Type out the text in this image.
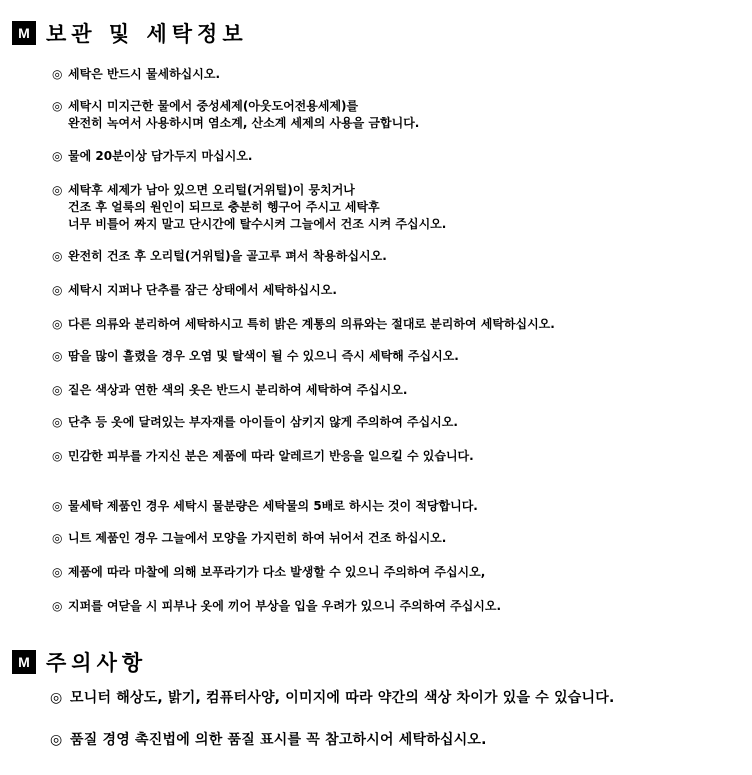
M 보관 및 세탁정보
◎ 세탁은 반드시 물세하십시오.
◎ 세탁시 미지근한 물에서 중성세제(아웃도어전용세제)를
완전히 녹여서 사용하시며 염소계, 산소계 세제의 사용을 금합니다.
◎ 물에 20분이상 담가두지 마십시오.
◎ 세탁후 세제가 남아 있으면 오리털(거위털)이 뭉치거나
건조 후 얼룩의 원인이 되므로 충분히 헹구어 주시고 세탁후
너무 비틀어 짜지 말고 단시간에 탈수시켜 그늘에서 건조 시켜 주십시오.
◎ 완전히 건조 후 오리털(거위털)을 골고루 펴서 착용하십시오.
◎ 세탁시 지퍼나 단추를 잠근 상태에서 세탁하십시오.
◎ 다른 의류와 분리하여 세탁하시고 특히 밝은 계통의 의류와는 절대로 분리하여 세탁하십시오.
◎ 땀을 많이 흘렸을 경우 오염 및 탈색이 될 수 있으니 즉시 세탁해 주십시오.
◎ 짙은 색상과 연한 색의 옷은 반드시 분리하여 세탁하여 주십시오.
◎ 단추 등 옷에 달려있는 부자재를 아이들이 삼키지 않게 주의하여 주십시오.
◎ 민감한 피부를 가지신 분은 제품에 따라 알레르기 반응을 일으킬 수 있습니다.
◎ 물세탁 제품인 경우 세탁시 물분량은 세탁물의 5배로 하시는 것이 적당합니다.
◎ 니트 제품인 경우 그늘에서 모양을 가지런히 하여 뉘어서 건조 하십시오.
◎ 제품에 따라 마찰에 의해 보푸라기가 다소 발생할 수 있으니 주의하여 주십시오,
◎ 지퍼를 여닫을 시 피부나 옷에 끼어 부상을 입을 우려가 있으니 주의하여 주십시오.
M 주의사항
◎ 모니터 해상도, 밝기, 컴퓨터사양, 이미지에 따라 약간의 색상 차이가 있을 수 있습니다.
◎ 품질 경영 촉진법에 의한 품질 표시를 꼭 참고하시어 세탁하십시오.
